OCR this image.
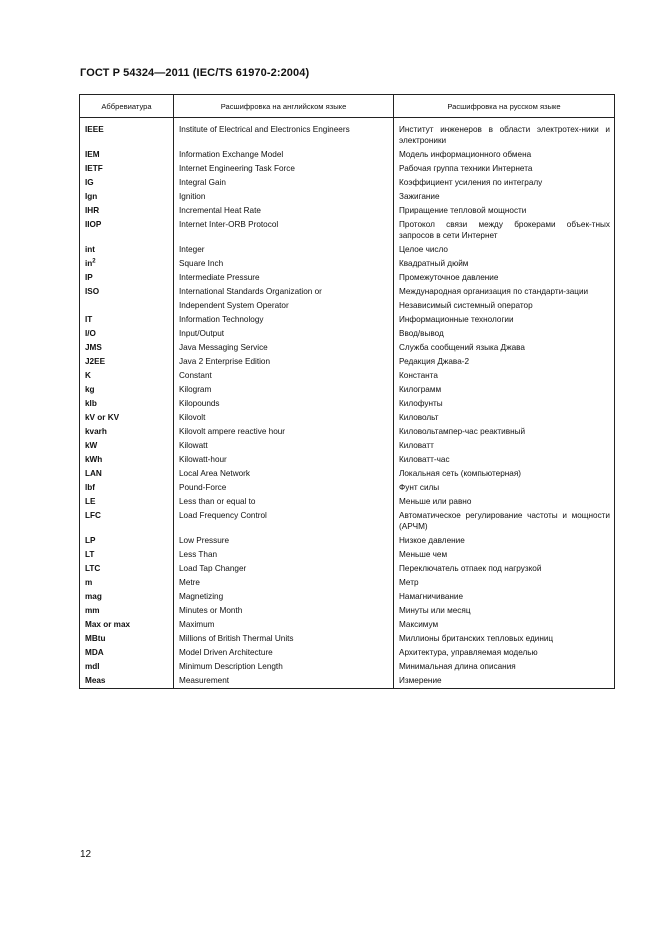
ГОСТ Р 54324—2011 (IEC/TS 61970-2:2004)
Аббревиатура	Расшифровка на английском языке	Расшифровка на русском языке
IEEE	Institute of Electrical and Electronics Engineers	Институт инженеров в области электротех-ники и электроники
IEM	Information Exchange Model	Модель информационного обмена
IETF	Internet Engineering Task Force	Рабочая группа техники Интернета
IG	Integral Gain	Коэффициент усиления по интегралу
Ign	Ignition	Зажигание
IHR	Incremental Heat Rate	Приращение тепловой мощности
IIOP	Internet Inter-ORB Protocol	Протокол связи между брокерами объек-тных запросов в сети Интернет
int	Integer	Целое число
$in^2$	Square Inch	Квадратный дюйм
IP	Intermediate Pressure	Промежуточное давление
ISO	International Standards Organization or	Международная организация по стандарти-зации
	Independent System Operator	Независимый системный оператор
IT	Information Technology	Информационные технологии
I/O	Input/Output	Ввод/вывод
JMS	Java Messaging Service	Служба сообщений языка Джава
J2EE	Java 2 Enterprise Edition	Редакция Джава-2
K	Constant	Константа
kg	Kilogram	Килограмм
klb	Kilopounds	Килофунты
kV or KV	Kilovolt	Киловольт
kvarh	Kilovolt ampere reactive hour	Киловольтампер-час реактивный
kW	Kilowatt	Киловатт
kWh	Kilowatt-hour	Киловатт-час
LAN	Local Area Network	Локальная сеть (компьютерная)
lbf	Pound-Force	Фунт силы
LE	Less than or equal to	Меньше или равно
LFC	Load Frequency Control	Автоматическое регулирование частоты и мощности (АРЧМ)
LP	Low Pressure	Низкое давление
LT	Less Than	Меньше чем
LTC	Load Tap Changer	Переключатель отпаек под нагрузкой
m	Metre	Метр
mag	Magnetizing	Намагничивание
mm	Minutes or Month	Минуты или месяц
Max or max	Maximum	Максимум
MBtu	Millions of British Thermal Units	Миллионы британских тепловых единиц
MDA	Model Driven Architecture	Архитектура, управляемая моделью
mdl	Minimum Description Length	Минимальная длина описания
Meas	Measurement	Измерение
12
